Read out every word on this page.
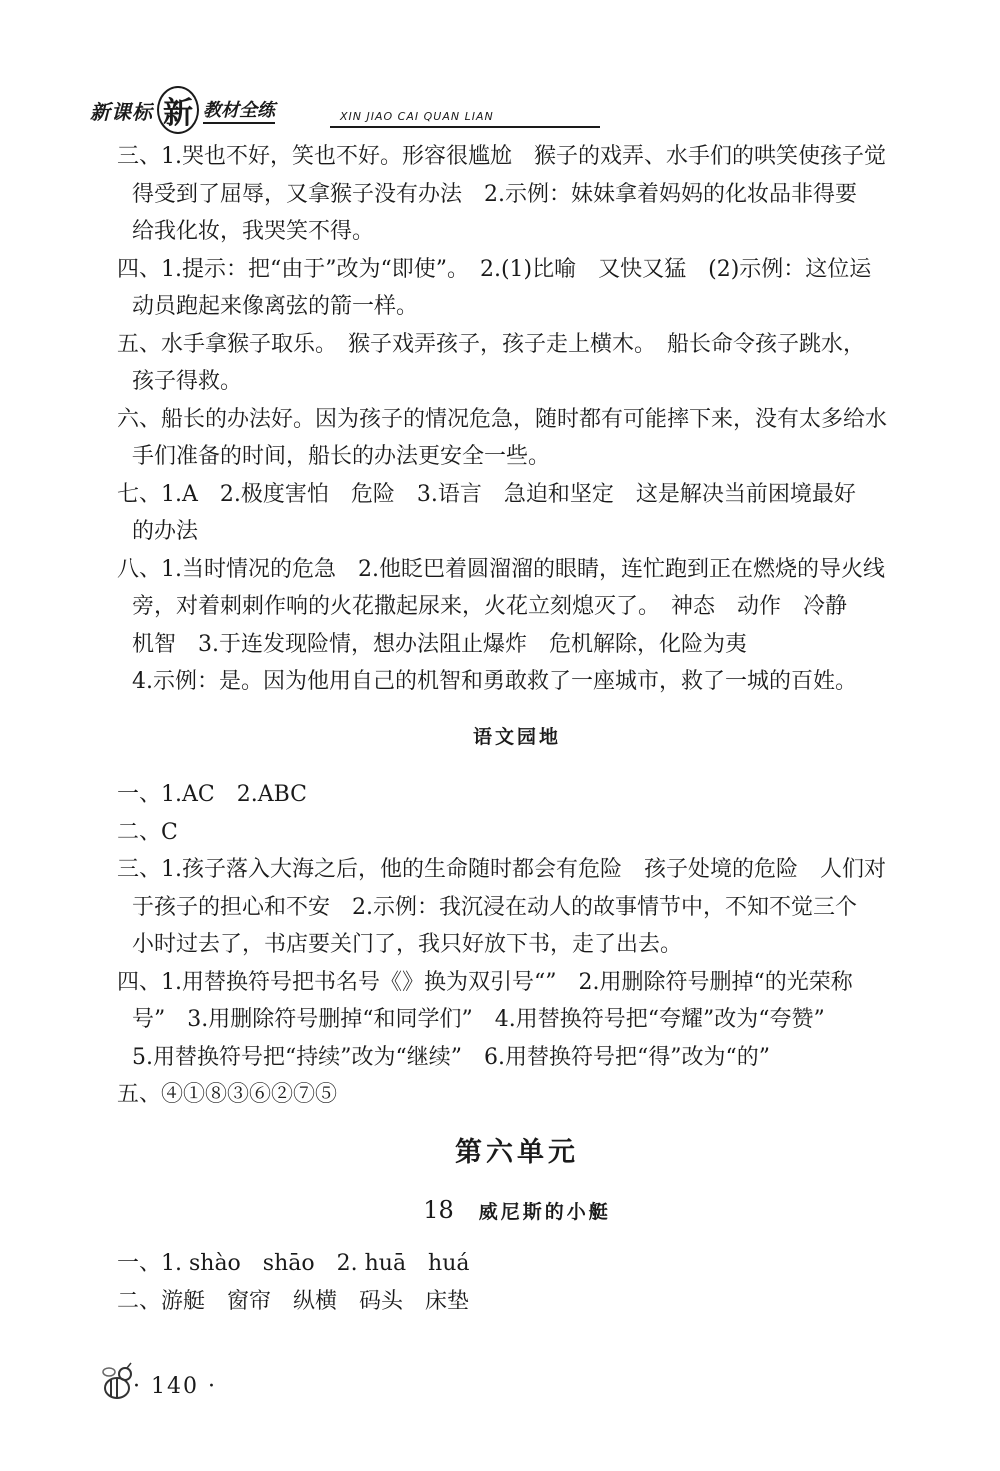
新课标 新 教材全练	XIN JIAO CAI QUAN LIAN
三、1.哭也不好，笑也不好。形容很尴尬　猴子的戏弄、水手们的哄笑使孩子觉
得受到了屈辱，又拿猴子没有办法　2.示例：妹妹拿着妈妈的化妆品非得要
给我化妆，我哭笑不得。
四、1.提示：把“由于”改为“即使”。　2.(1)比喻　又快又猛　(2)示例：这位运
动员跑起来像离弦的箭一样。
五、水手拿猴子取乐。　猴子戏弄孩子，孩子走上横木。　船长命令孩子跳水，
孩子得救。
六、船长的办法好。因为孩子的情况危急，随时都有可能摔下来，没有太多给水
手们准备的时间，船长的办法更安全一些。
七、1.A　2.极度害怕　危险　3.语言　急迫和坚定　这是解决当前困境最好
的办法
八、1.当时情况的危急　2.他眨巴着圆溜溜的眼睛，连忙跑到正在燃烧的导火线
旁，对着刺刺作响的火花撒起尿来，火花立刻熄灭了。　神态　动作　冷静
机智　3.于连发现险情，想办法阻止爆炸　危机解除，化险为夷
4.示例：是。因为他用自己的机智和勇敢救了一座城市，救了一城的百姓。
语文园地
一、1.AC　2.ABC
二、C
三、1.孩子落入大海之后，他的生命随时都会有危险　孩子处境的危险　人们对
于孩子的担心和不安　2.示例：我沉浸在动人的故事情节中，不知不觉三个
小时过去了，书店要关门了，我只好放下书，走了出去。
四、1.用替换符号把书名号《》换为双引号“”　2.用删除符号删掉“的光荣称
号”　3.用删除符号删掉“和同学们”　4.用替换符号把“夸耀”改为“夸赞”
5.用替换符号把“持续”改为“继续”　6.用替换符号把“得”改为“的”
五、④①⑧③⑥②⑦⑤
第六单元
18 威尼斯的小艇
一、1. shào　shāo　2. huā　huá
二、游艇　窗帘　纵横　码头　床垫
· 140 ·
